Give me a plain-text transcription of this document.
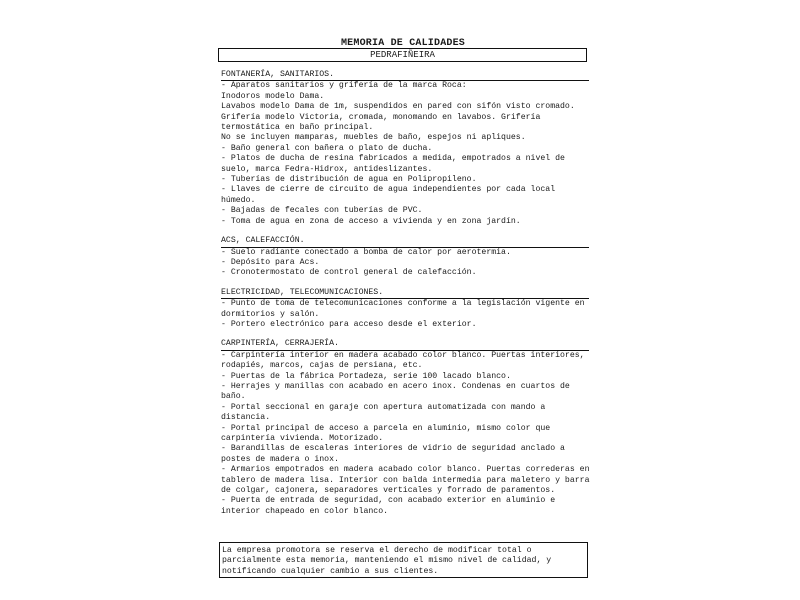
MEMORIA DE CALIDADES
PEDRAFIÑEIRA
FONTANERÍA, SANITARIOS.
- Aparatos sanitarios y grifería de la marca Roca:
Inodoros modelo Dama.
Lavabos modelo Dama de 1m, suspendidos en pared con sifón visto cromado.
Grifería modelo Victoria, cromada, monomando en lavabos. Grifería
termostática en baño principal.
No se incluyen mamparas, muebles de baño, espejos ni apliques.
- Baño general con bañera o plato de ducha.
- Platos de ducha de resina fabricados a medida, empotrados a nivel de
suelo, marca Fedra-Hidrox, antideslizantes.
- Tuberías de distribución de agua en Polipropileno.
- Llaves de cierre de circuito de agua independientes por cada local
húmedo.
- Bajadas de fecales con tuberías de PVC.
- Toma de agua en zona de acceso a vivienda y en zona jardín.
ACS, CALEFACCIÓN.
- Suelo radiante conectado a bomba de calor por aerotermia.
- Depósito para Acs.
- Cronotermostato de control general de calefacción.
ELECTRICIDAD, TELECOMUNICACIONES.
- Punto de toma de telecomunicaciones conforme a la legislación vigente en
dormitorios y salón.
- Portero electrónico para acceso desde el exterior.
CARPINTERÍA, CERRAJERÍA.
- Carpintería interior en madera acabado color blanco. Puertas interiores,
rodapiés, marcos, cajas de persiana, etc.
- Puertas de la fábrica Portadeza, serie 100 lacado blanco.
- Herrajes y manillas con acabado en acero inox. Condenas en cuartos de
baño.
- Portal seccional en garaje con apertura automatizada con mando a
distancia.
- Portal principal de acceso a parcela en aluminio, mismo color que
carpintería vivienda. Motorizado.
- Barandillas de escaleras interiores de vidrio de seguridad anclado a
postes de madera o inox.
- Armarios empotrados en madera acabado color blanco. Puertas correderas en
tablero de madera lisa. Interior con balda intermedia para maletero y barra
de colgar, cajonera, separadores verticales y forrado de paramentos.
- Puerta de entrada de seguridad, con acabado exterior en aluminio e
interior chapeado en color blanco.
La empresa promotora se reserva el derecho de modificar total o
parcialmente esta memoria, manteniendo el mismo nivel de calidad, y
notificando cualquier cambio a sus clientes.
